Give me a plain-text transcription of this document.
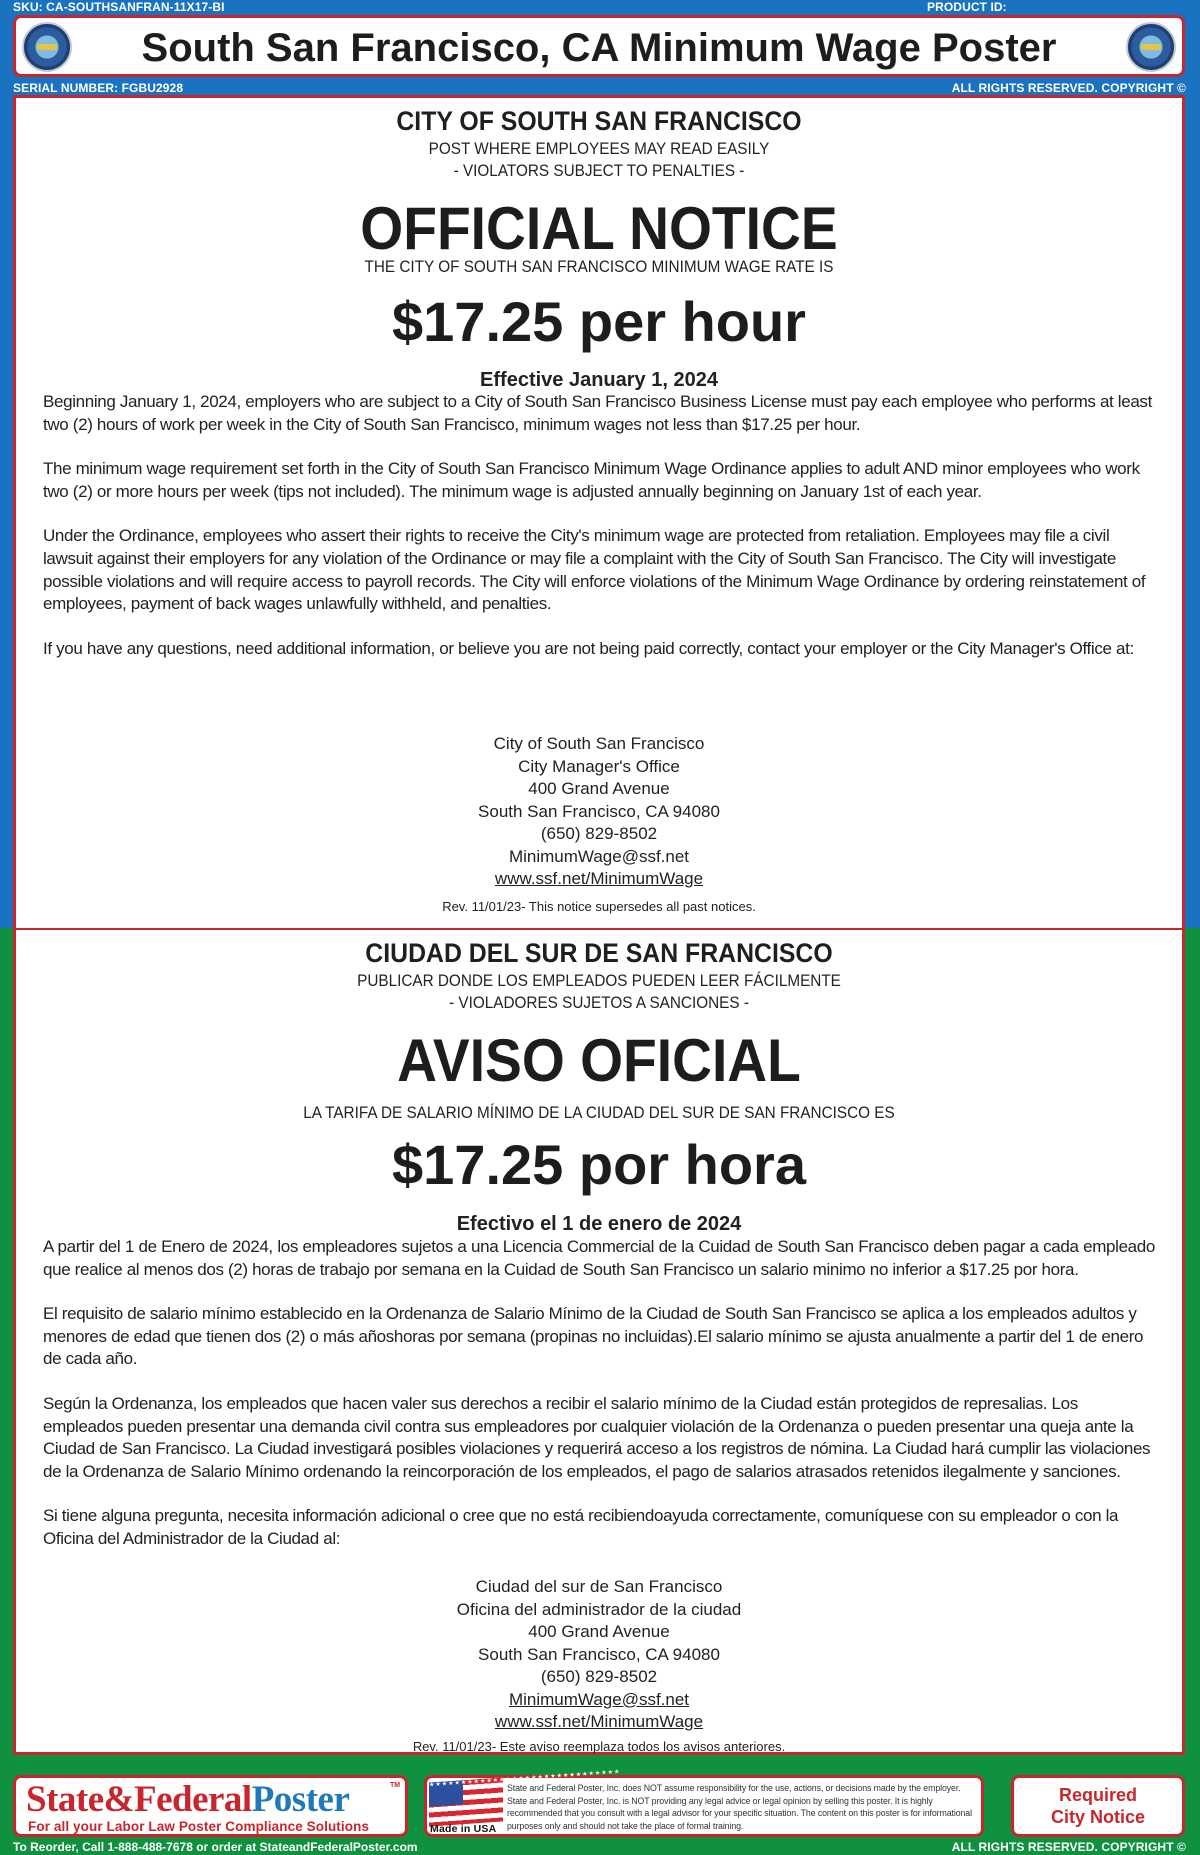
SKU: CA-SOUTHSANFRAN-11X17-BI	PRODUCT ID:
South San Francisco, CA Minimum Wage Poster
SERIAL NUMBER: FGBU2928	ALL RIGHTS RESERVED. COPYRIGHT ©
CITY OF SOUTH SAN FRANCISCO
POST WHERE EMPLOYEES MAY READ EASILY
- VIOLATORS SUBJECT TO PENALTIES -
OFFICIAL NOTICE
THE CITY OF SOUTH SAN FRANCISCO MINIMUM WAGE RATE IS
$17.25 per hour
Effective January 1, 2024
Beginning January 1, 2024, employers who are subject to a City of South San Francisco Business License must pay each employee who performs at least two (2) hours of work per week in the City of South San Francisco, minimum wages not less than $17.25 per hour.
The minimum wage requirement set forth in the City of South San Francisco Minimum Wage Ordinance applies to adult AND minor employees who work two (2) or more hours per week (tips not included). The minimum wage is adjusted annually beginning on January 1st of each year.
Under the Ordinance, employees who assert their rights to receive the City's minimum wage are protected from retaliation. Employees may file a civil lawsuit against their employers for any violation of the Ordinance or may file a complaint with the City of South San Francisco. The City will investigate possible violations and will require access to payroll records. The City will enforce violations of the Minimum Wage Ordinance by ordering reinstatement of employees, payment of back wages unlawfully withheld, and penalties.
If you have any questions, need additional information, or believe you are not being paid correctly, contact your employer or the City Manager's Office at:
City of South San Francisco
City Manager's Office
400 Grand Avenue
South San Francisco, CA 94080
(650) 829-8502
MinimumWage@ssf.net
www.ssf.net/MinimumWage
Rev. 11/01/23- This notice supersedes all past notices.
CIUDAD DEL SUR DE SAN FRANCISCO
PUBLICAR DONDE LOS EMPLEADOS PUEDEN LEER FÁCILMENTE
- VIOLADORES SUJETOS A SANCIONES -
AVISO OFICIAL
LA TARIFA DE SALARIO MÍNIMO DE LA CIUDAD DEL SUR DE SAN FRANCISCO ES
$17.25 por hora
Efectivo el 1 de enero de 2024
A partir del 1 de Enero de 2024, los empleadores sujetos a una Licencia Commercial de la Cuidad de South San Francisco deben pagar a cada empleado que realice al menos dos (2) horas de trabajo por semana en la Cuidad de South San Francisco un salario minimo no inferior a $17.25 por hora.
El requisito de salario mínimo establecido en la Ordenanza de Salario Mínimo de la Ciudad de South San Francisco se aplica a los empleados adultos y menores de edad que tienen dos (2) o más añoshoras por semana (propinas no incluidas).El salario mínimo se ajusta anualmente a partir del 1 de enero de cada año.
Según la Ordenanza, los empleados que hacen valer sus derechos a recibir el salario mínimo de la Ciudad están protegidos de represalias. Los empleados pueden presentar una demanda civil contra sus empleadores por cualquier violación de la Ordenanza o pueden presentar una queja ante la Ciudad de San Francisco. La Ciudad investigará posibles violaciones y requerirá acceso a los registros de nómina. La Ciudad hará cumplir las violaciones de la Ordenanza de Salario Mínimo ordenando la reincorporación de los empleados, el pago de salarios atrasados retenidos ilegalmente y sanciones.
Si tiene alguna pregunta, necesita información adicional o cree que no está recibiendoayuda correctamente, comuníquese con su empleador o con la Oficina del Administrador de la Ciudad al:
Ciudad del sur de San Francisco
Oficina del administrador de la ciudad
400 Grand Avenue
South San Francisco, CA 94080
(650) 829-8502
MinimumWage@ssf.net
www.ssf.net/MinimumWage
Rev. 11/01/23- Este aviso reemplaza todos los avisos anteriores.
State&FederalPoster	TM
For all your Labor Law Poster Compliance Solutions
★★★★★★★★★★★★★★★★★★★★★★★★★★★★★★
Made in USA
State and Federal Poster, Inc. does NOT assume responsibility for the use, actions, or decisions made by the employer. State and Federal Poster, Inc. is NOT providing any legal advice or legal opinion by selling this poster. It is highly recommended that you consult with a legal advisor for your specific situation. The content on this poster is for informational purposes only and should not take the place of formal training.
Required
City Notice
To Reorder, Call 1-888-488-7678 or order at StateandFederalPoster.com	ALL RIGHTS RESERVED. COPYRIGHT ©
